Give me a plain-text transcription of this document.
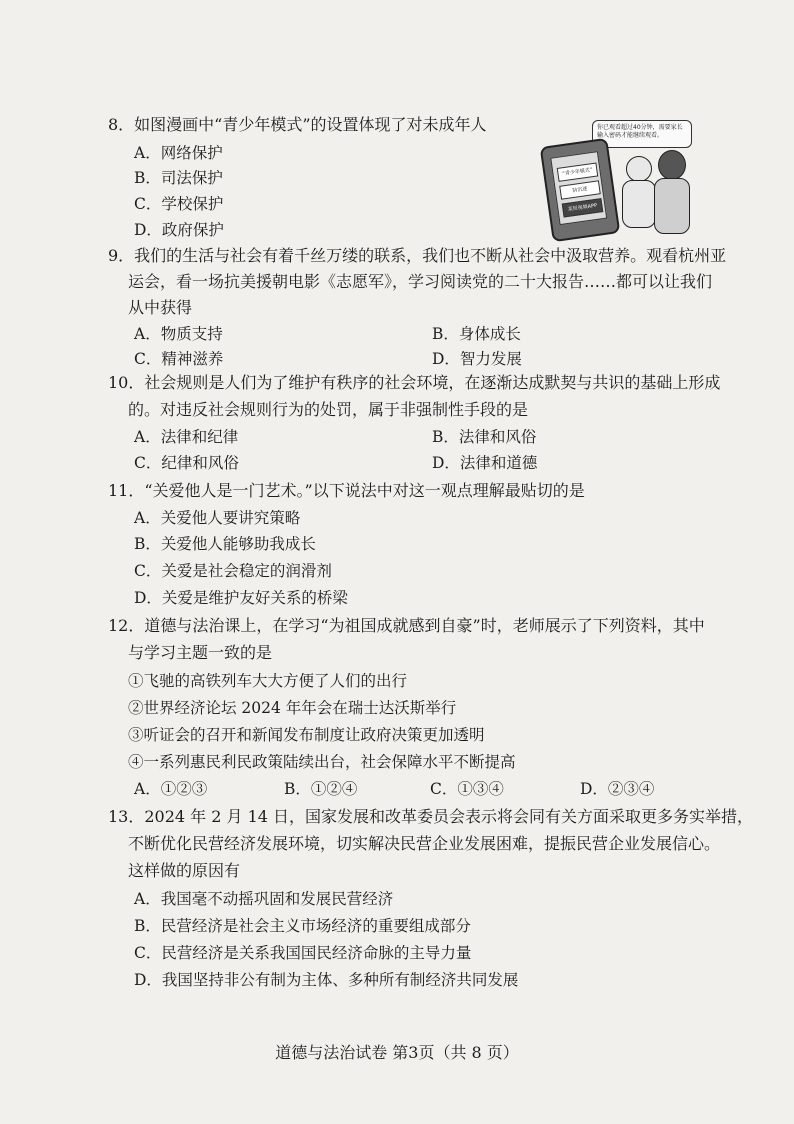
8．如图漫画中“青少年模式”的设置体现了对未成年人
A．网络保护
B．司法保护
C．学校保护
D．政府保护
你已观看超过40分钟，需要家长输入密码才能继续观看。
“青少年模式”
防沉迷
某短视频APP
9．我们的生活与社会有着千丝万缕的联系，我们也不断从社会中汲取营养。观看杭州亚
运会，看一场抗美援朝电影《志愿军》，学习阅读党的二十大报告……都可以让我们
从中获得
A．物质支持	B．身体成长
C．精神滋养	D．智力发展
10．社会规则是人们为了维护有秩序的社会环境，在逐渐达成默契与共识的基础上形成
的。对违反社会规则行为的处罚，属于非强制性手段的是
A．法律和纪律	B．法律和风俗
C．纪律和风俗	D．法律和道德
11．“关爱他人是一门艺术。”以下说法中对这一观点理解最贴切的是
A．关爱他人要讲究策略
B．关爱他人能够助我成长
C．关爱是社会稳定的润滑剂
D．关爱是维护友好关系的桥梁
12．道德与法治课上，在学习“为祖国成就感到自豪”时，老师展示了下列资料，其中
与学习主题一致的是
①飞驰的高铁列车大大方便了人们的出行
②世界经济论坛 2024 年年会在瑞士达沃斯举行
③听证会的召开和新闻发布制度让政府决策更加透明
④一系列惠民利民政策陆续出台，社会保障水平不断提高
A．①②③	B．①②④	C．①③④	D．②③④
13．2024 年 2 月 14 日，国家发展和改革委员会表示将会同有关方面采取更多务实举措，
不断优化民营经济发展环境，切实解决民营企业发展困难，提振民营企业发展信心。
这样做的原因有
A．我国毫不动摇巩固和发展民营经济
B．民营经济是社会主义市场经济的重要组成部分
C．民营经济是关系我国国民经济命脉的主导力量
D．我国坚持非公有制为主体、多种所有制经济共同发展
道德与法治试卷 第3页（共 8 页）
